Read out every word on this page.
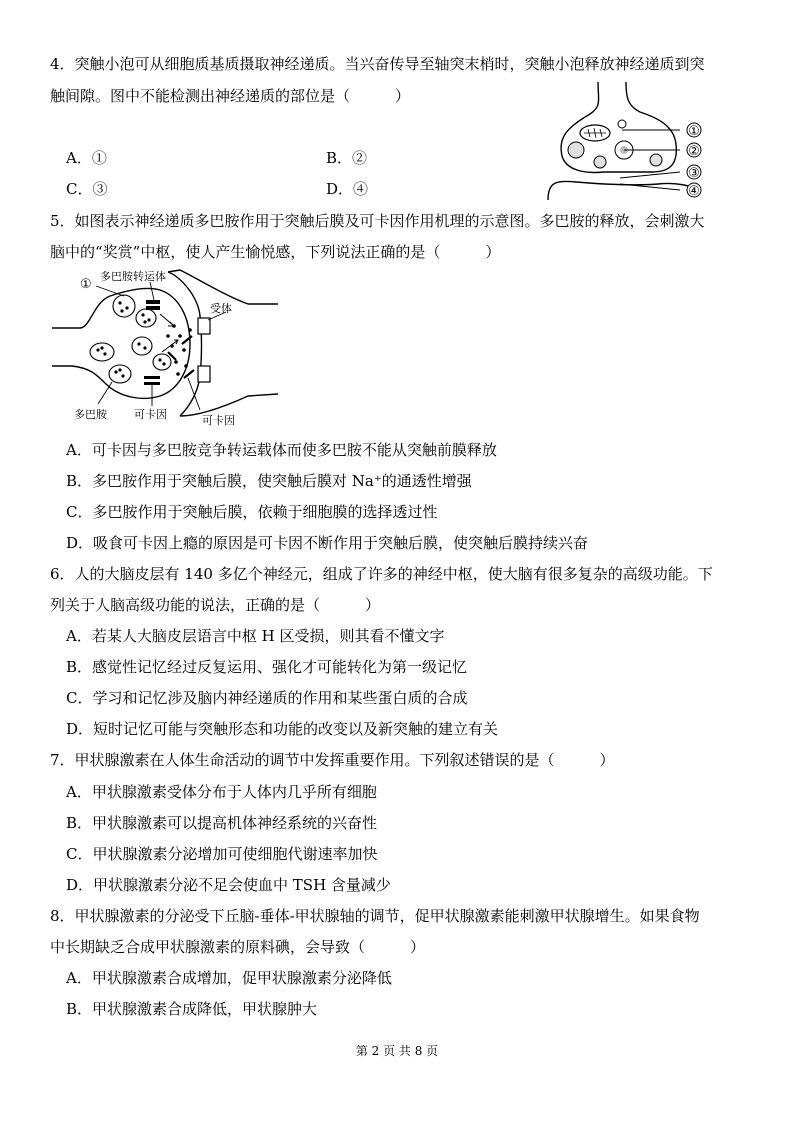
4．突触小泡可从细胞质基质摄取神经递质。当兴奋传导至轴突末梢时，突触小泡释放神经递质到突
触间隙。图中不能检测出神经递质的部位是（　　　）
A．①	B．②
C．③	D．④
①
②
③
④
5．如图表示神经递质多巴胺作用于突触后膜及可卡因作用机理的示意图。多巴胺的释放，会刺激大
脑中的“奖赏”中枢，使人产生愉悦感，下列说法正确的是（　　　）
①
多巴胺转运体
受体
多巴胺 可卡因	可卡因
A．可卡因与多巴胺竞争转运载体而使多巴胺不能从突触前膜释放
B．多巴胺作用于突触后膜，使突触后膜对 Na⁺的通透性增强
C．多巴胺作用于突触后膜，依赖于细胞膜的选择透过性
D．吸食可卡因上瘾的原因是可卡因不断作用于突触后膜，使突触后膜持续兴奋
6．人的大脑皮层有 140 多亿个神经元，组成了许多的神经中枢，使大脑有很多复杂的高级功能。下
列关于人脑高级功能的说法，正确的是（　　　）
A．若某人大脑皮层语言中枢 H 区受损，则其看不懂文字
B．感觉性记忆经过反复运用、强化才可能转化为第一级记忆
C．学习和记忆涉及脑内神经递质的作用和某些蛋白质的合成
D．短时记忆可能与突触形态和功能的改变以及新突触的建立有关
7．甲状腺激素在人体生命活动的调节中发挥重要作用。下列叙述错误的是（　　　）
A．甲状腺激素受体分布于人体内几乎所有细胞
B．甲状腺激素可以提高机体神经系统的兴奋性
C．甲状腺激素分泌增加可使细胞代谢速率加快
D．甲状腺激素分泌不足会使血中 TSH 含量减少
8．甲状腺激素的分泌受下丘脑-垂体-甲状腺轴的调节，促甲状腺激素能刺激甲状腺增生。如果食物
中长期缺乏合成甲状腺激素的原料碘，会导致（　　　）
A．甲状腺激素合成增加，促甲状腺激素分泌降低
B．甲状腺激素合成降低，甲状腺肿大
第 2 页 共 8 页
